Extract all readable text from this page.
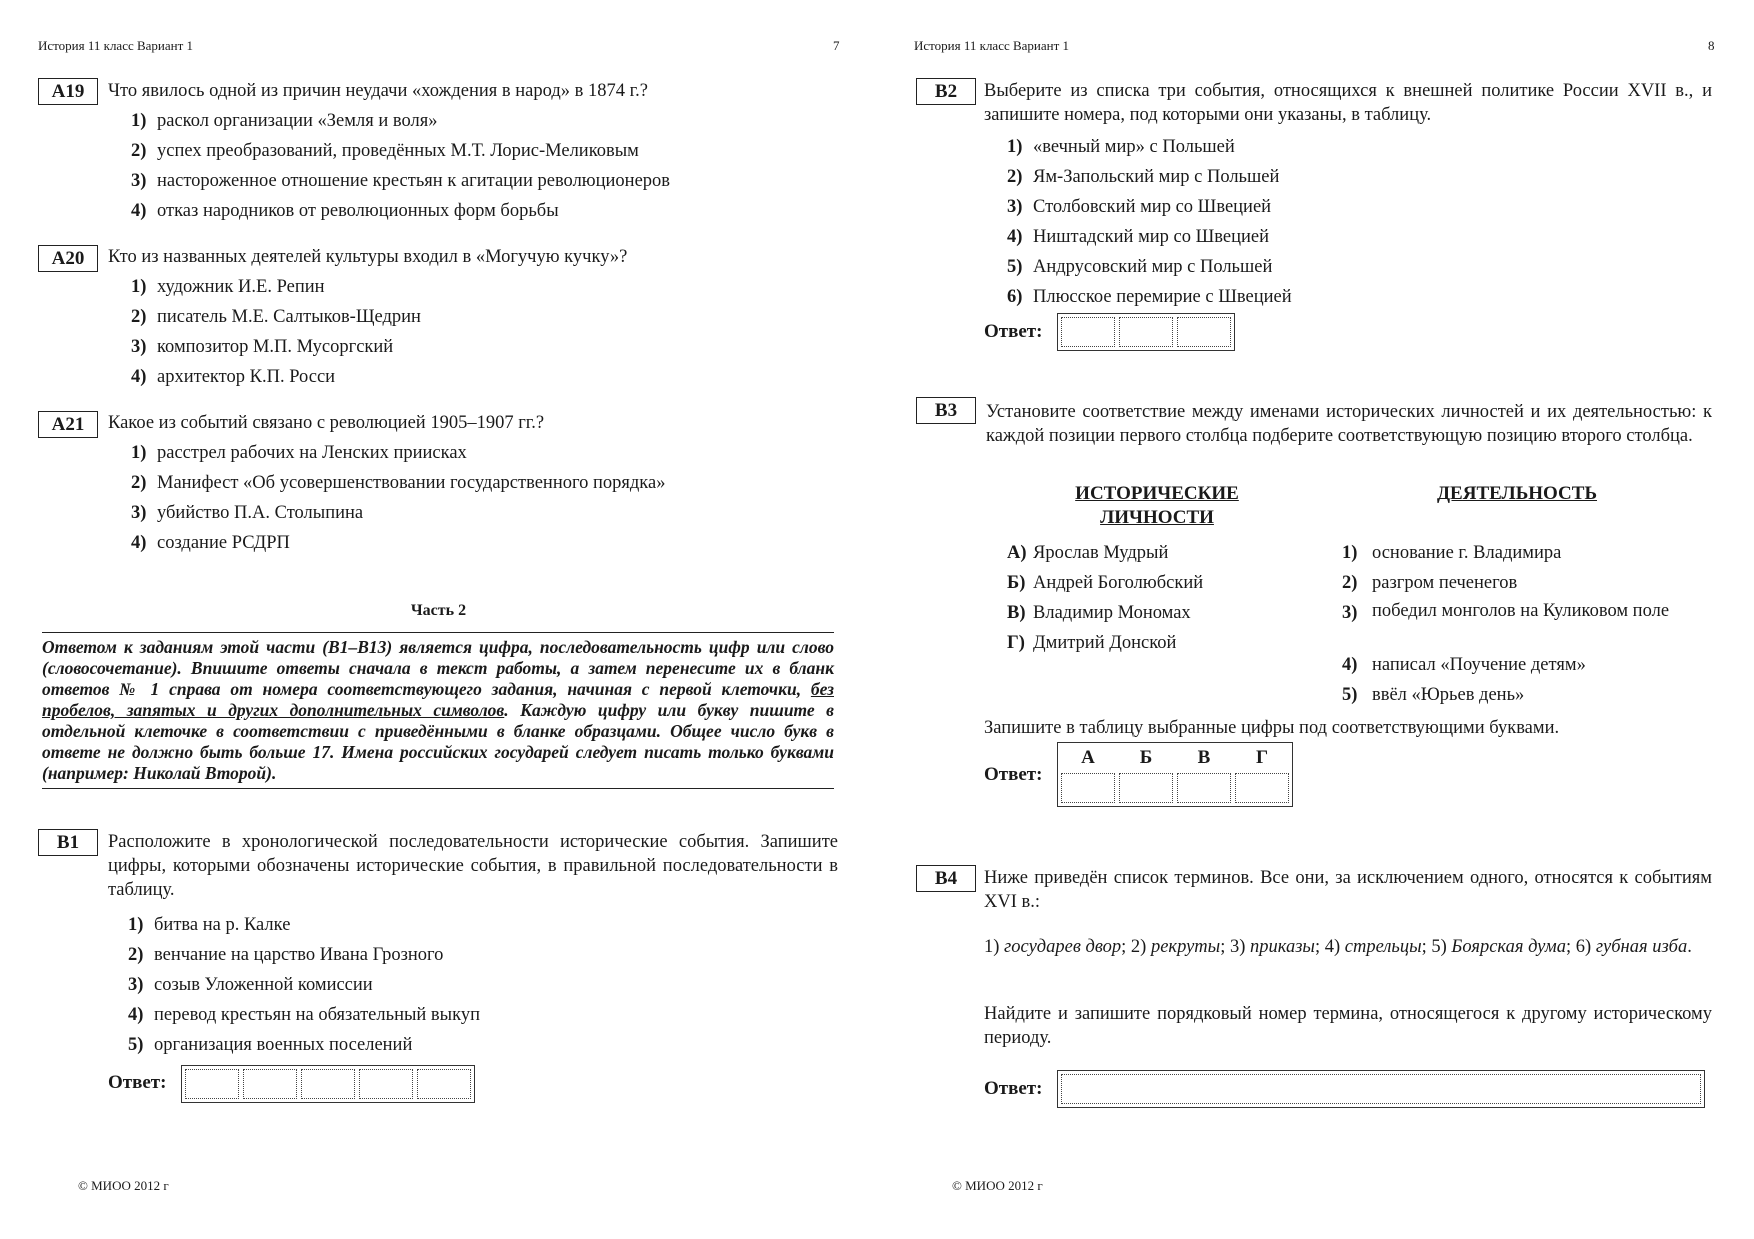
История 11 класс Вариант 1	7
A19	Что явилось одной из причин неудачи «хождения в народ» в 1874 г.?
1) раскол организации «Земля и воля»
2) успех преобразований, проведённых М.Т. Лорис-Меликовым
3) настороженное отношение крестьян к агитации революционеров
4) отказ народников от революционных форм борьбы
A20	Кто из названных деятелей культуры входил в «Могучую кучку»?
1) художник И.Е. Репин
2) писатель М.Е. Салтыков-Щедрин
3) композитор М.П. Мусоргский
4) архитектор К.П. Росси
A21	Какое из событий связано с революцией 1905–1907 гг.?
1) расстрел рабочих на Ленских приисках
2) Манифест «Об усовершенствовании государственного порядка»
3) убийство П.А. Столыпина
4) создание РСДРП
Часть 2
Ответом к заданиям этой части (В1–В13) является цифра, последовательность цифр или слово (словосочетание). Впишите ответы сначала в текст работы, а затем перенесите их в бланк ответов № 1 справа от номера соответствующего задания, начиная с первой клеточки, без пробелов, запятых и других дополнительных символов. Каждую цифру или букву пишите в отдельной клеточке в соответствии с приведёнными в бланке образцами. Общее число букв в ответе не должно быть больше 17. Имена российских государей следует писать только буквами (например: Николай Второй).
B1	Расположите в хронологической последовательности исторические события. Запишите цифры, которыми обозначены исторические события, в правильной последовательности в таблицу.
1) битва на р. Калке
2) венчание на царство Ивана Грозного
3) созыв Уложенной комиссии
4) перевод крестьян на обязательный выкуп
5) организация военных поселений
Ответ:
© МИОО 2012 г
История 11 класс Вариант 1	8
B2	Выберите из списка три события, относящихся к внешней политике России XVII в., и запишите номера, под которыми они указаны, в таблицу.
1) «вечный мир» с Польшей
2) Ям-Запольский мир с Польшей
3) Столбовский мир со Швецией
4) Ништадский мир со Швецией
5) Андрусовский мир с Польшей
6) Плюсское перемирие с Швецией
Ответ:
B3	Установите соответствие между именами исторических личностей и их деятельностью: к каждой позиции первого столбца подберите соответствующую позицию второго столбца.
ИСТОРИЧЕСКИЕ ЛИЧНОСТИ
ДЕЯТЕЛЬНОСТЬ
А) Ярослав Мудрый
Б) Андрей Боголюбский
В) Владимир Мономах
Г) Дмитрий Донской
1) основание г. Владимира
2) разгром печенегов
3) победил монголов на Куликовом поле
4) написал «Поучение детям»
5) ввёл «Юрьев день»
Запишите в таблицу выбранные цифры под соответствующими буквами.
Ответ:
А	Б	В	Г
B4	Ниже приведён список терминов. Все они, за исключением одного, относятся к событиям XVI в.:
1) государев двор; 2) рекруты; 3) приказы; 4) стрельцы; 5) Боярская дума; 6) губная изба.
Найдите и запишите порядковый номер термина, относящегося к другому историческому периоду.
Ответ:
© МИОО 2012 г
